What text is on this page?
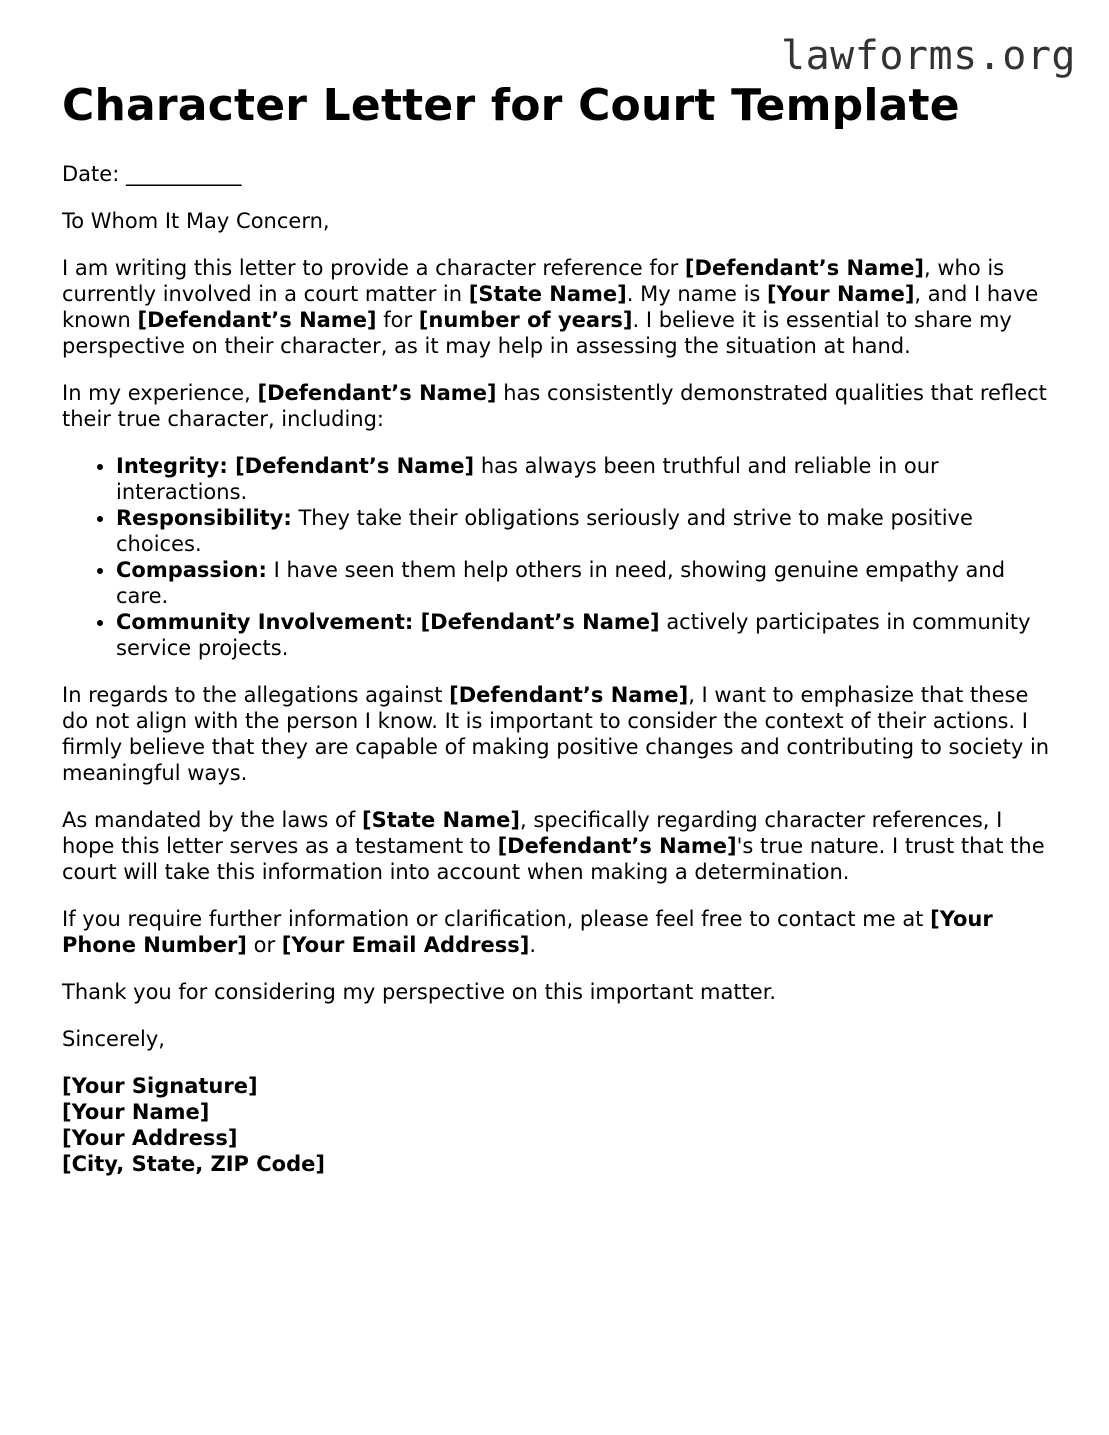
lawforms.org
Character Letter for Court Template

Date: ___________

To Whom It May Concern,

I am writing this letter to provide a character reference for [Defendant’s Name], who is currently involved in a court matter in [State Name]. My name is [Your Name], and I have known [Defendant’s Name] for [number of years]. I believe it is essential to share my perspective on their character, as it may help in assessing the situation at hand.

In my experience, [Defendant’s Name] has consistently demonstrated qualities that reflect their true character, including:

• Integrity: [Defendant’s Name] has always been truthful and reliable in our interactions.
• Responsibility: They take their obligations seriously and strive to make positive choices.
• Compassion: I have seen them help others in need, showing genuine empathy and care.
• Community Involvement: [Defendant’s Name] actively participates in community service projects.

In regards to the allegations against [Defendant’s Name], I want to emphasize that these do not align with the person I know. It is important to consider the context of their actions. I firmly believe that they are capable of making positive changes and contributing to society in meaningful ways.

As mandated by the laws of [State Name], specifically regarding character references, I hope this letter serves as a testament to [Defendant’s Name]'s true nature. I trust that the court will take this information into account when making a determination.

If you require further information or clarification, please feel free to contact me at [Your Phone Number] or [Your Email Address].

Thank you for considering my perspective on this important matter.

Sincerely,

[Your Signature]

[Your Name]

[Your Address]

[City, State, ZIP Code]
